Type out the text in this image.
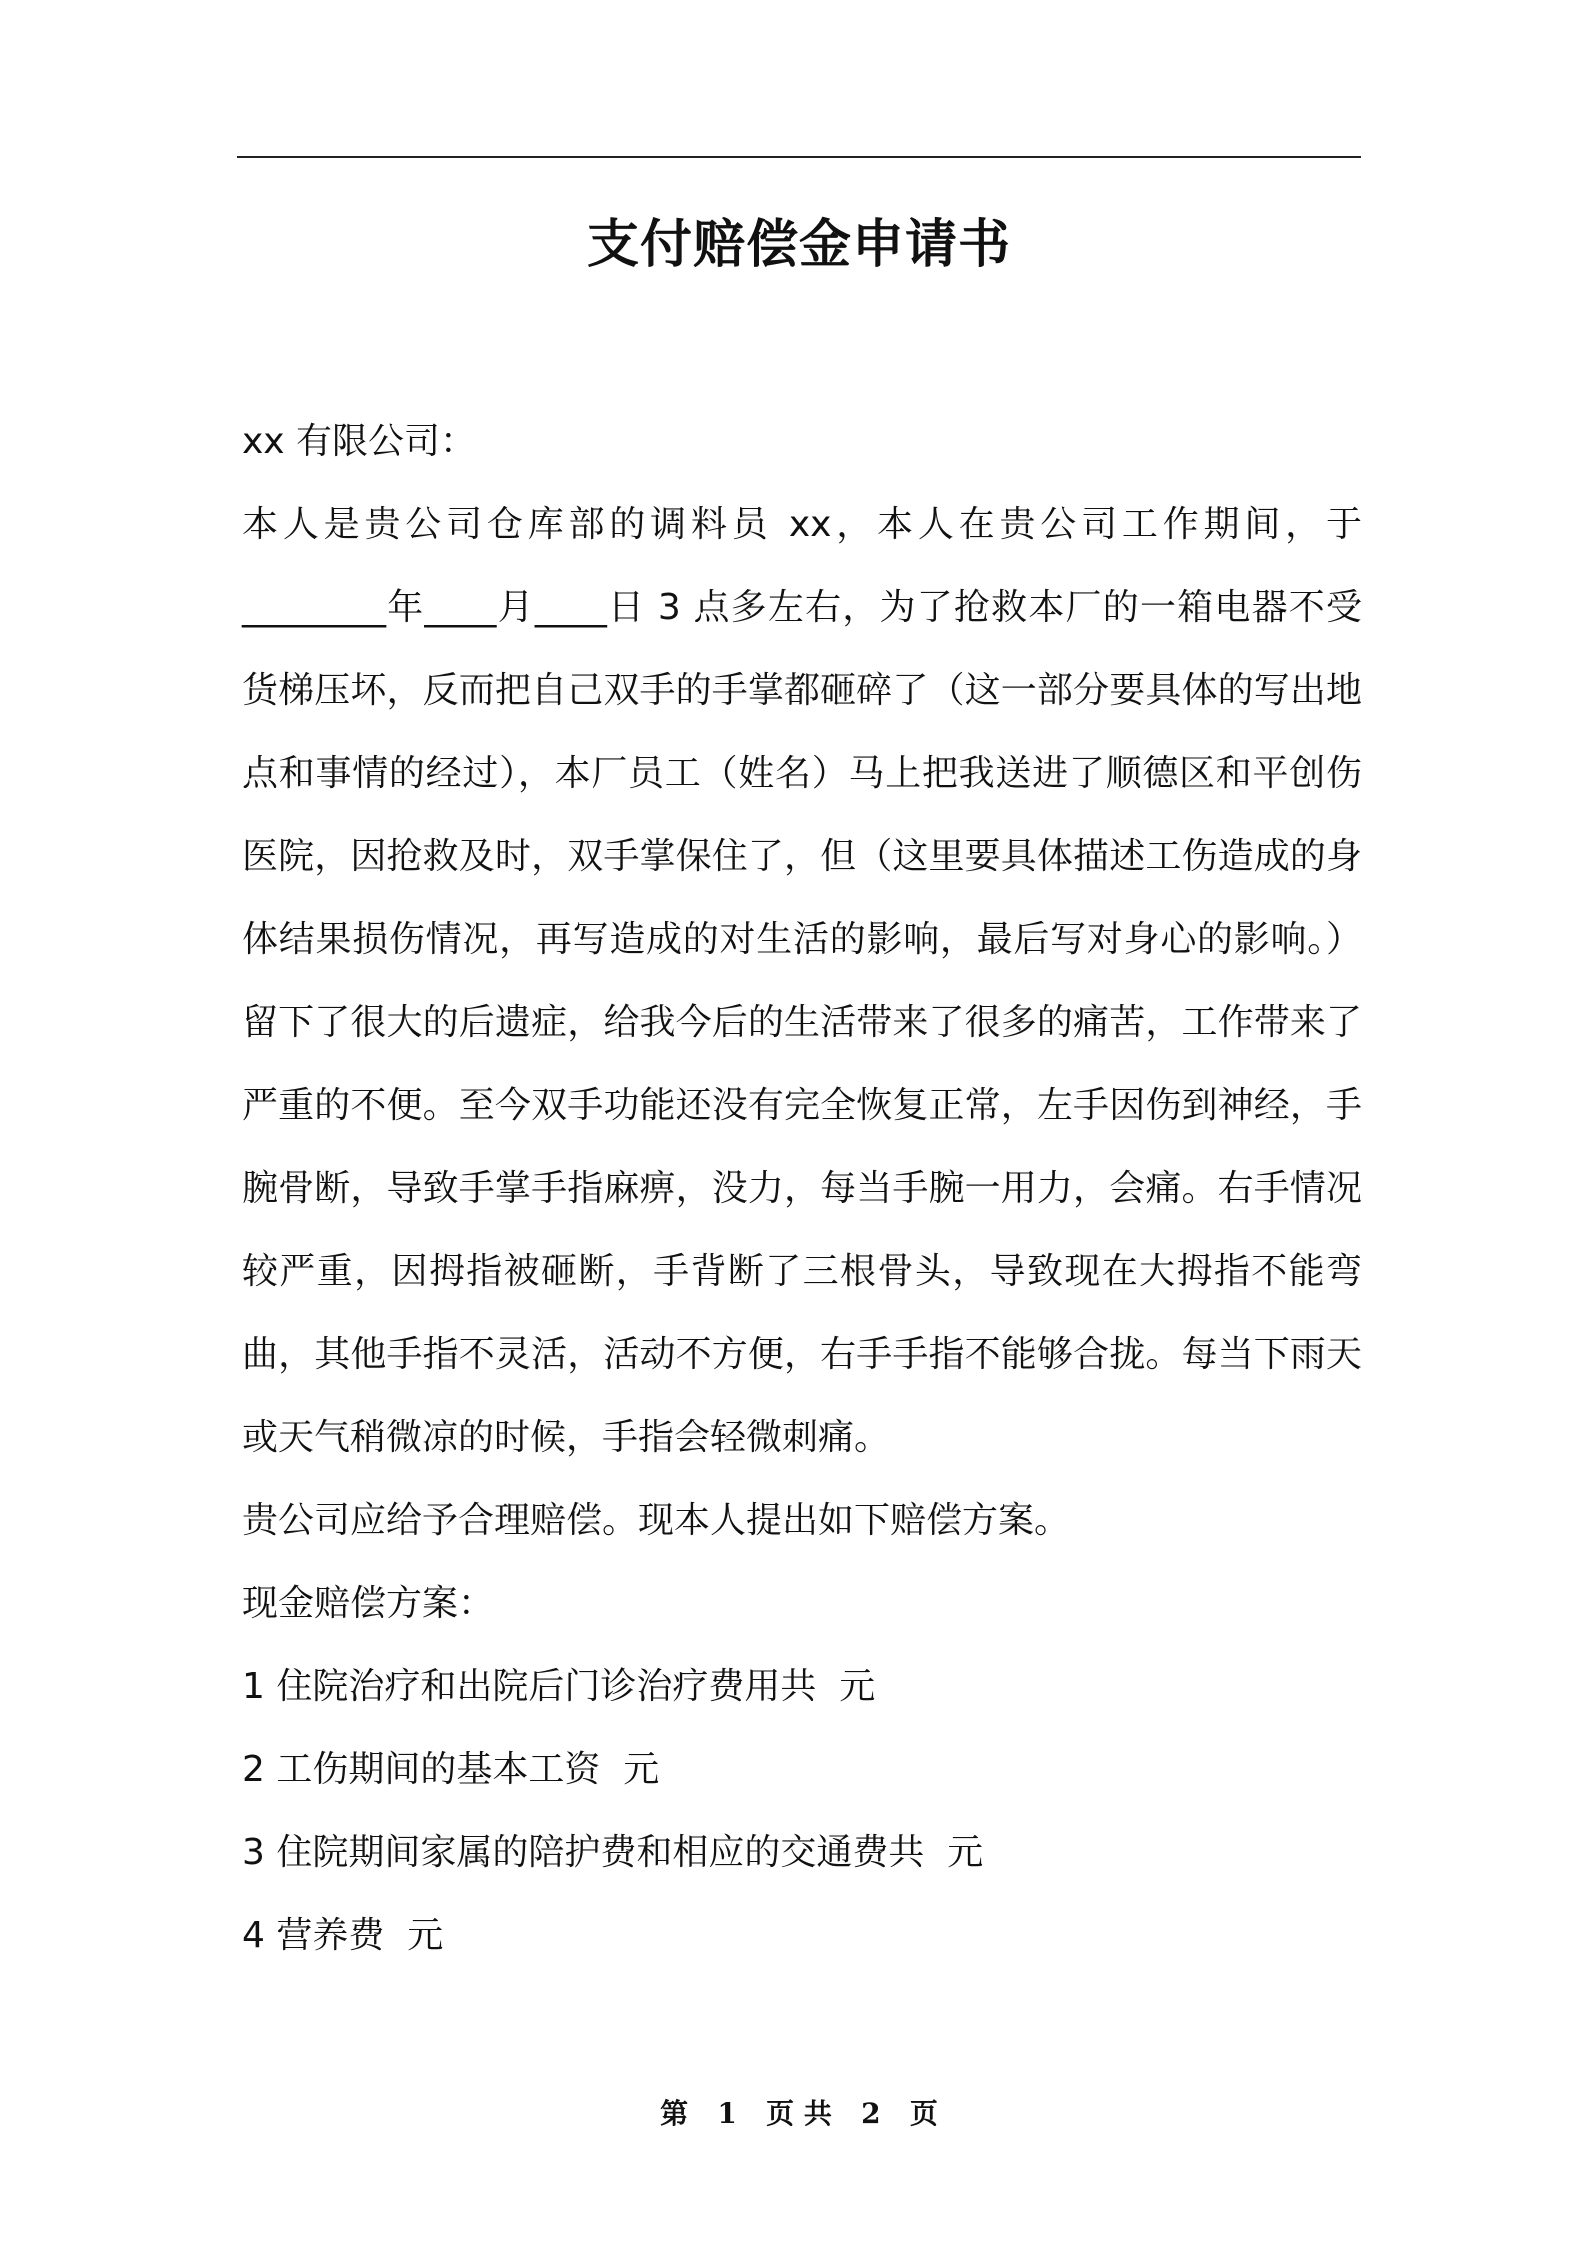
支付赔偿金申请书

xx 有限公司：

本人是贵公司仓库部的调料员 xx，本人在贵公司工作期间，于 ________年____月____日 3 点多左右，为了抢救本厂的一箱电器不受货梯压坏，反而把自己双手的手掌都砸碎了（这一部分要具体的写出地点和事情的经过），本厂员工（姓名）马上把我送进了顺德区和平创伤医院，因抢救及时，双手掌保住了，但（这里要具体描述工伤造成的身体结果损伤情况，再写造成的对生活的影响，最后写对身心的影响。）留下了很大的后遗症，给我今后的生活带来了很多的痛苦，工作带来了严重的不便。至今双手功能还没有完全恢复正常，左手因伤到神经，手腕骨断，导致手掌手指麻痹，没力，每当手腕一用力，会痛。右手情况较严重，因拇指被砸断，手背断了三根骨头，导致现在大拇指不能弯曲，其他手指不灵活，活动不方便，右手手指不能够合拢。每当下雨天或天气稍微凉的时候，手指会轻微刺痛。

贵公司应给予合理赔偿。现本人提出如下赔偿方案。

现金赔偿方案：

1 住院治疗和出院后门诊治疗费用共  元

2 工伤期间的基本工资  元

3 住院期间家属的陪护费和相应的交通费共  元

4 营养费  元

第 1 页 共 2 页
